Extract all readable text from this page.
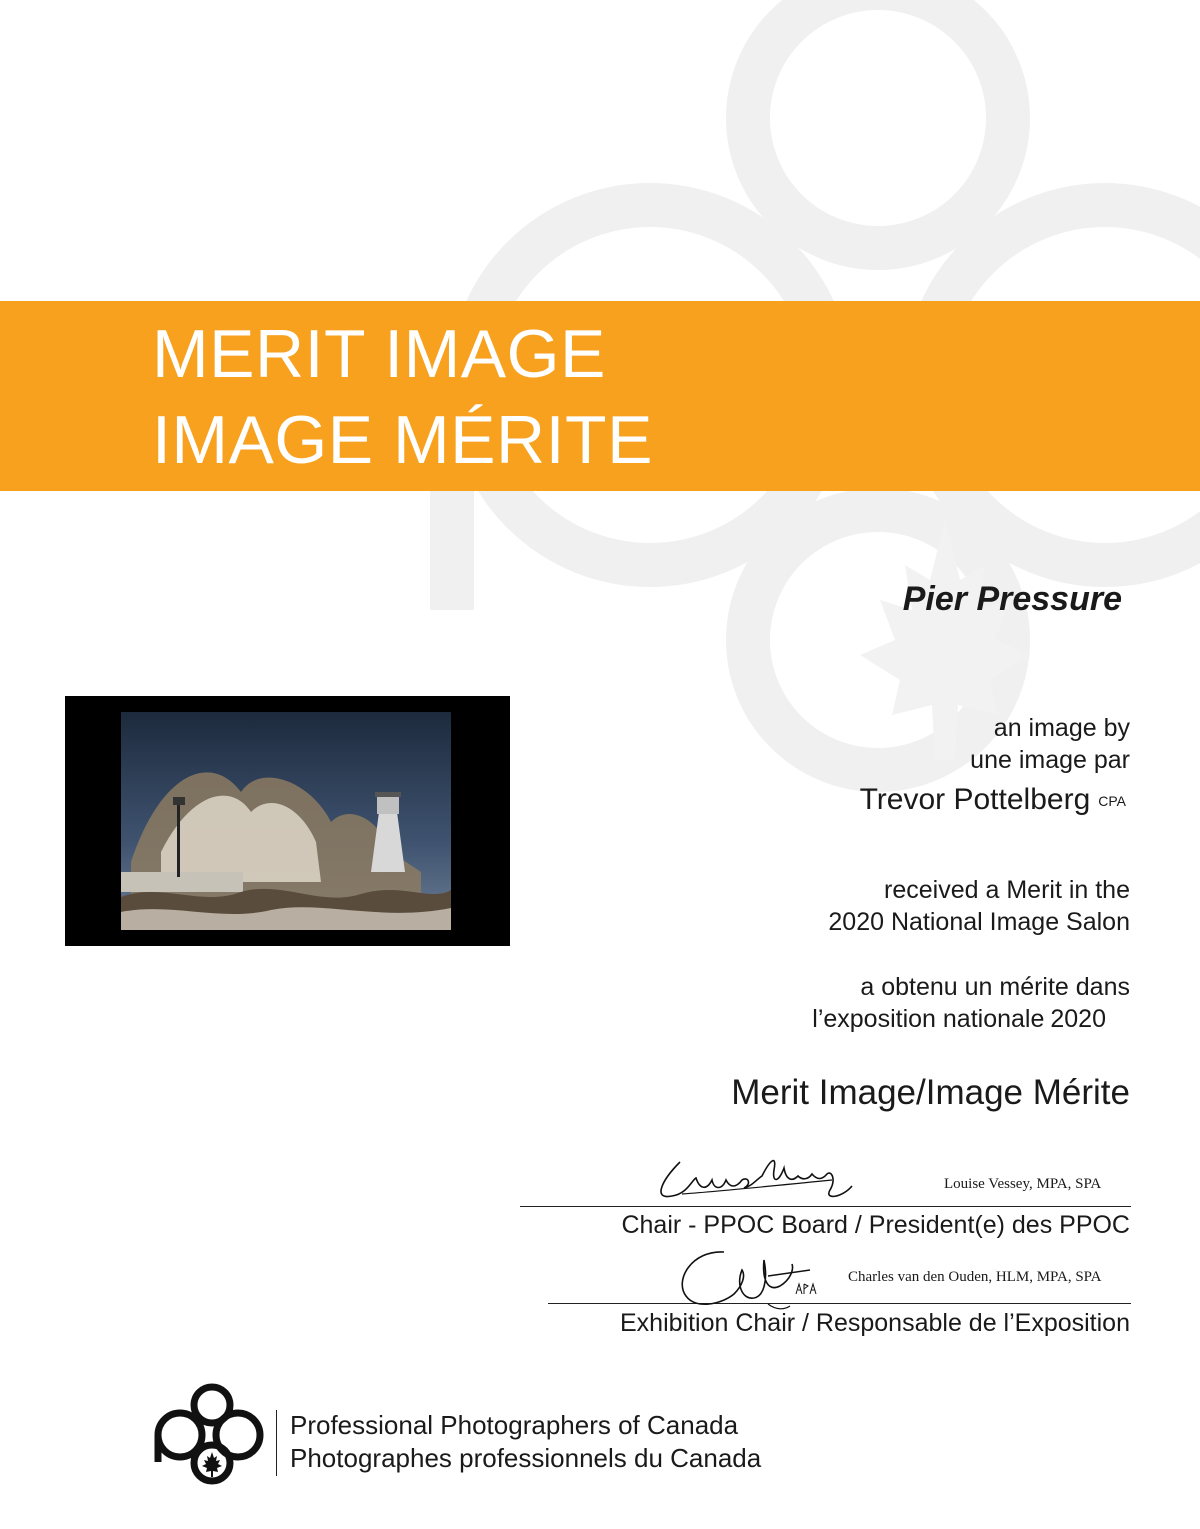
MERIT IMAGE
IMAGE MÉRITE
Pier Pressure
an image by
une image par
Trevor Pottelberg CPA
received a Merit in the
2020 National Image Salon
a obtenu un mérite dans
l’exposition nationale 2020
Merit Image/Image Mérite
Louise Vessey, MPA, SPA
Chair - PPOC Board / President(e) des PPOC
Charles van den Ouden, HLM, MPA, SPA
Exhibition Chair / Responsable de l’Exposition
Professional Photographers of Canada
Photographes professionnels du Canada
